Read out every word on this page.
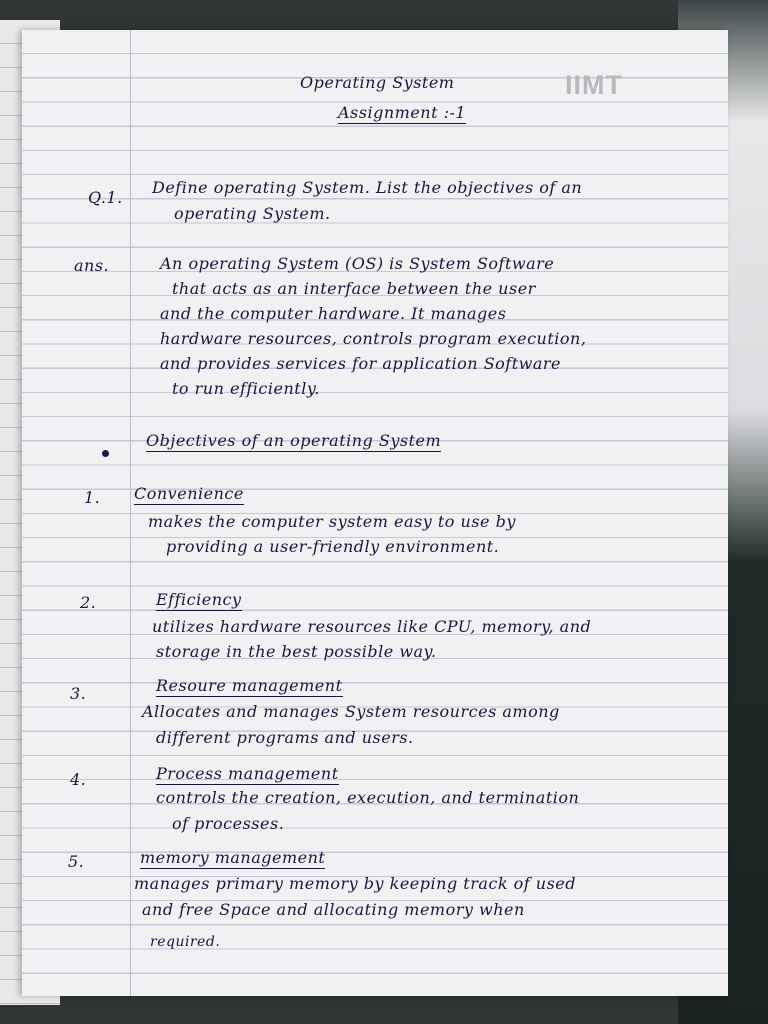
IIMT
Operating System
Assignment :-1
Q.1.
Define operating System. List the objectives of an
operating System.
ans.	An operating System (OS) is System Software
that acts as an interface between the user
and the computer hardware. It manages
hardware resources, controls program execution,
and provides services for application Software
to run efficiently.
Objectives of an operating System
1. Convenience
makes the computer system easy to use by
providing a user-friendly environment.
2.	Efficiency
utilizes hardware resources like CPU, memory, and
storage in the best possible way.
3.	Resoure management
Allocates and manages System resources among
different programs and users.
4.	Process management
controls the creation, execution, and termination
of processes.
5.	memory management
manages primary memory by keeping track of used
and free Space and allocating memory when
required.
